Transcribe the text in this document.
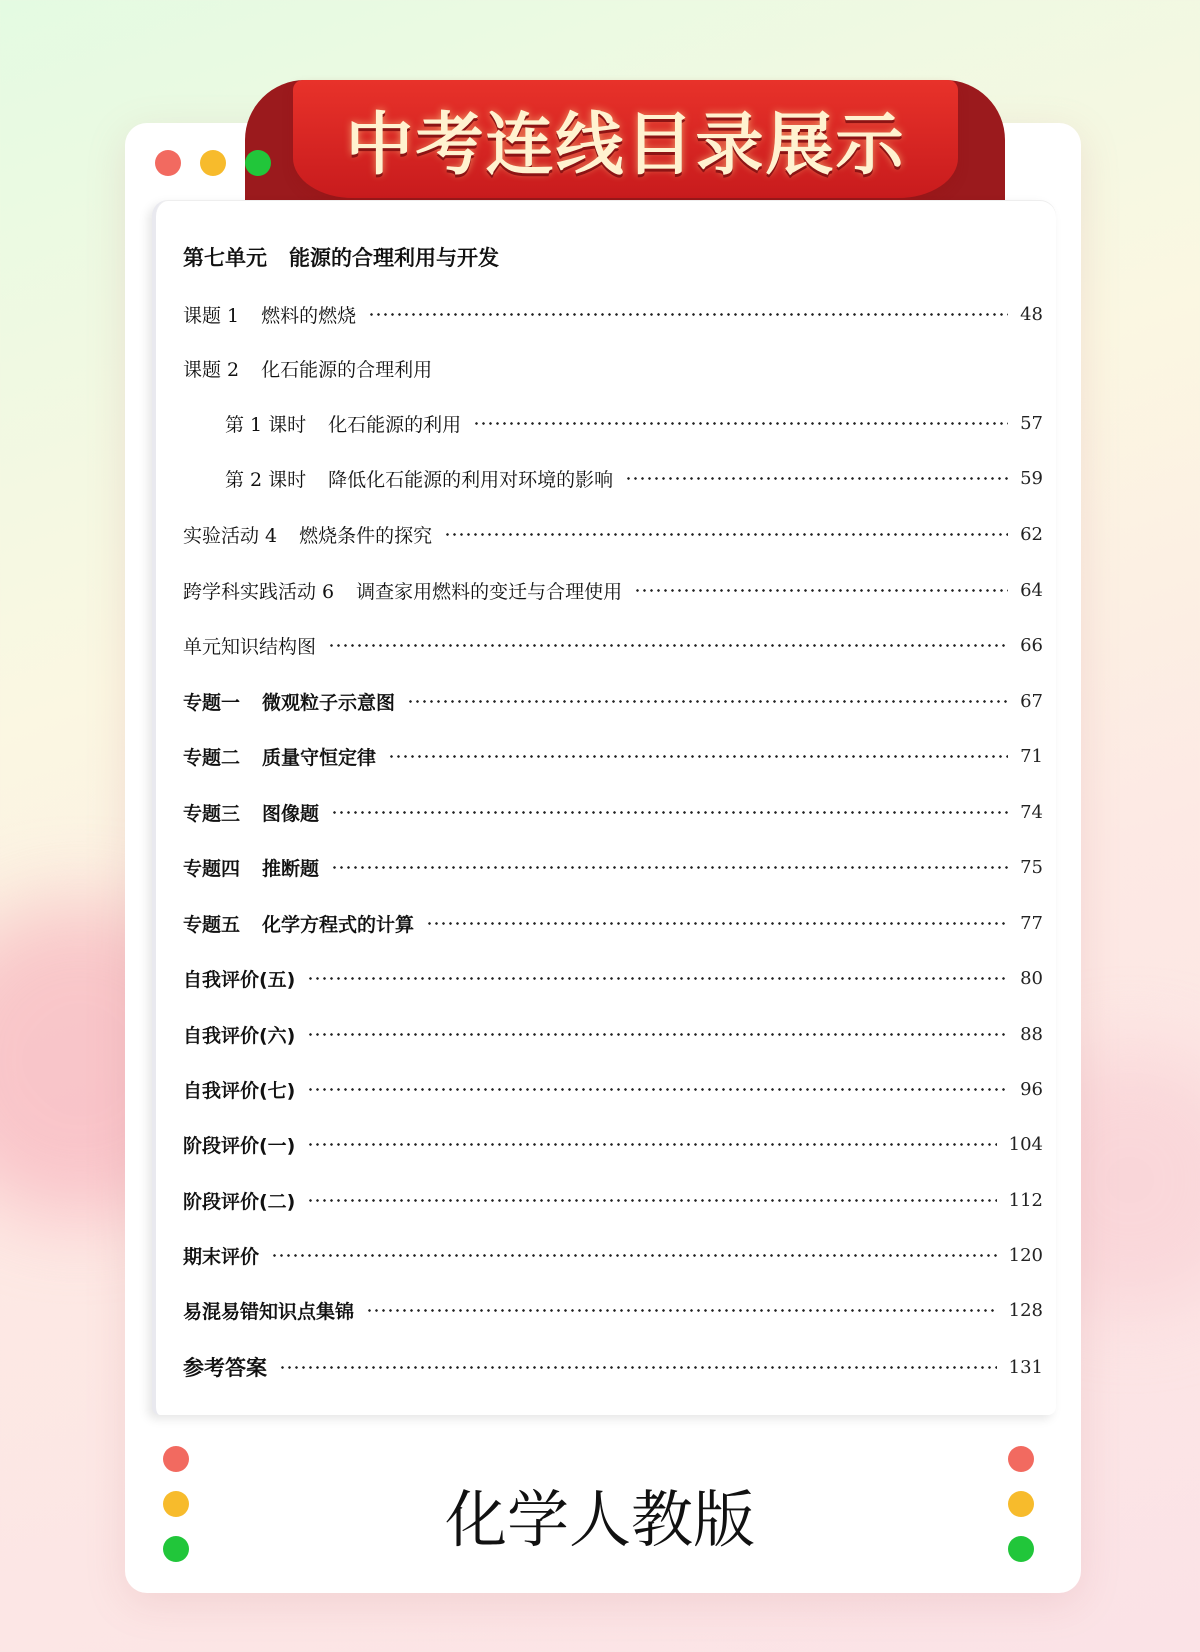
中考连线目录展示
第七单元 能源的合理利用与开发
课题 1 燃料的燃烧	48
课题 2 化石能源的合理利用
第 1 课时 化石能源的利用	57
第 2 课时 降低化石能源的利用对环境的影响	59
实验活动 4 燃烧条件的探究	62
跨学科实践活动 6 调查家用燃料的变迁与合理使用	64
单元知识结构图	66
专题一 微观粒子示意图	67
专题二 质量守恒定律	71
专题三 图像题	74
专题四 推断题	75
专题五 化学方程式的计算	77
自我评价(五)	80
自我评价(六)	88
自我评价(七)	96
阶段评价(一)	104
阶段评价(二)	112
期末评价	120
易混易错知识点集锦	128
参考答案	131
化学人教版
